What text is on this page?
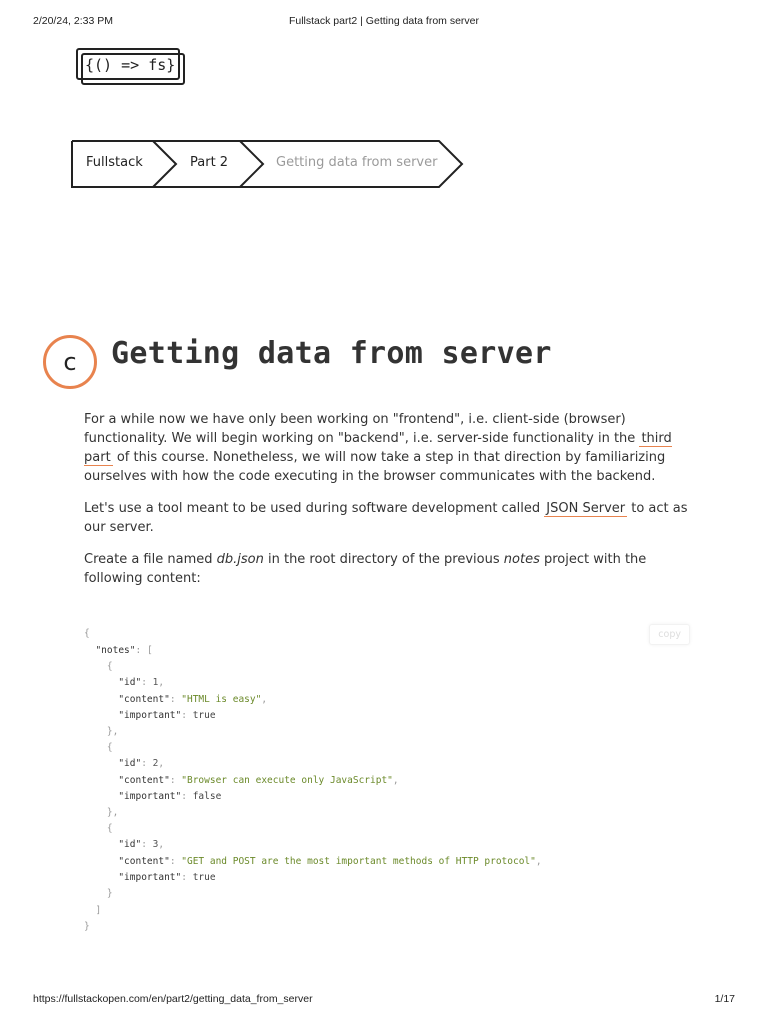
2/20/24, 2:33 PM	Fullstack part2 | Getting data from server
{() => fs}
Fullstack	Part 2	Getting data from server
c Getting data from server

For a while now we have only been working on "frontend", i.e. client-side (browser) functionality. We will begin working on "backend", i.e. server-side functionality in the third part of this course. Nonetheless, we will now take a step in that direction by familiarizing ourselves with how the code executing in the browser communicates with the backend.

Let's use a tool meant to be used during software development called JSON Server to act as our server.

Create a file named db.json in the root directory of the previous notes project with the following content:

copy
{
"notes": [
{
"id": 1,
"content": "HTML is easy",
"important": true
},
{
"id": 2,
"content": "Browser can execute only JavaScript",
"important": false
},
{
"id": 3,
"content": "GET and POST are the most important methods of HTTP protocol",
"important": true
}
]
}
https://fullstackopen.com/en/part2/getting_data_from_server	1/17
